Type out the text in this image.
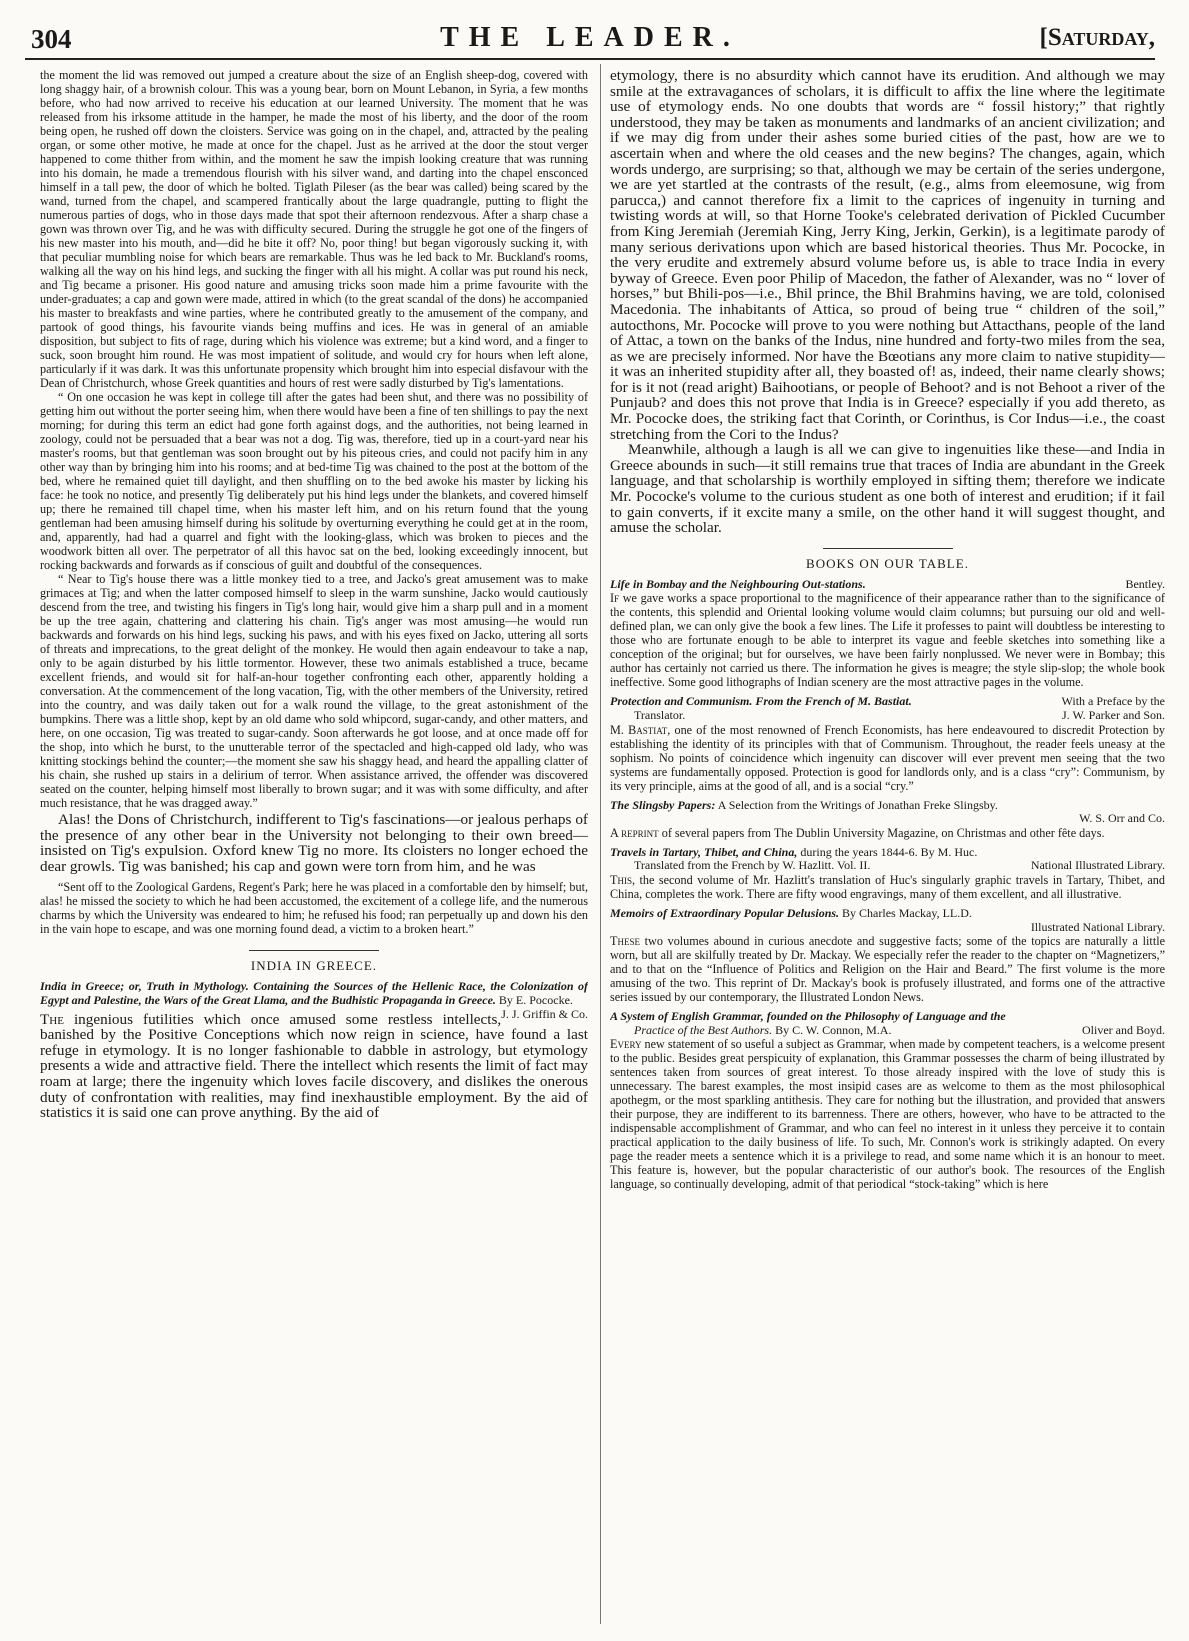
304	THE LEADER.	[Saturday,

the moment the lid was removed out jumped a creature about the size of an English sheep-dog, covered with long shaggy hair, of a brownish colour. This was a young bear, born on Mount Lebanon, in Syria, a few months before, who had now arrived to receive his education at our learned University. The moment that he was released from his irksome attitude in the hamper, he made the most of his liberty, and the door of the room being open, he rushed off down the cloisters. Service was going on in the chapel, and, attracted by the pealing organ, or some other motive, he made at once for the chapel. Just as he arrived at the door the stout verger happened to come thither from within, and the moment he saw the impish looking creature that was running into his domain, he made a tremendous flourish with his silver wand, and darting into the chapel ensconced himself in a tall pew, the door of which he bolted. Tiglath Pileser (as the bear was called) being scared by the wand, turned from the chapel, and scampered frantically about the large quadrangle, putting to flight the numerous parties of dogs, who in those days made that spot their afternoon rendezvous. After a sharp chase a gown was thrown over Tig, and he was with difficulty secured. During the struggle he got one of the fingers of his new master into his mouth, and—did he bite it off? No, poor thing! but began vigorously sucking it, with that peculiar mumbling noise for which bears are remarkable. Thus was he led back to Mr. Buckland's rooms, walking all the way on his hind legs, and sucking the finger with all his might. A collar was put round his neck, and Tig became a prisoner. His good nature and amusing tricks soon made him a prime favourite with the under-graduates; a cap and gown were made, attired in which (to the great scandal of the dons) he accompanied his master to breakfasts and wine parties, where he contributed greatly to the amusement of the company, and partook of good things, his favourite viands being muffins and ices. He was in general of an amiable disposition, but subject to fits of rage, during which his violence was extreme; but a kind word, and a finger to suck, soon brought him round. He was most impatient of solitude, and would cry for hours when left alone, particularly if it was dark. It was this unfortunate propensity which brought him into especial disfavour with the Dean of Christchurch, whose Greek quantities and hours of rest were sadly disturbed by Tig's lamentations.

“ On one occasion he was kept in college till after the gates had been shut, and there was no possibility of getting him out without the porter seeing him, when there would have been a fine of ten shillings to pay the next morning; for during this term an edict had gone forth against dogs, and the authorities, not being learned in zoology, could not be persuaded that a bear was not a dog. Tig was, therefore, tied up in a court-yard near his master's rooms, but that gentleman was soon brought out by his piteous cries, and could not pacify him in any other way than by bringing him into his rooms; and at bed-time Tig was chained to the post at the bottom of the bed, where he remained quiet till daylight, and then shuffling on to the bed awoke his master by licking his face: he took no notice, and presently Tig deliberately put his hind legs under the blankets, and covered himself up; there he remained till chapel time, when his master left him, and on his return found that the young gentleman had been amusing himself during his solitude by overturning everything he could get at in the room, and, apparently, had had a quarrel and fight with the looking-glass, which was broken to pieces and the woodwork bitten all over. The perpetrator of all this havoc sat on the bed, looking exceedingly innocent, but rocking backwards and forwards as if conscious of guilt and doubtful of the consequences.

“ Near to Tig's house there was a little monkey tied to a tree, and Jacko's great amusement was to make grimaces at Tig; and when the latter composed himself to sleep in the warm sunshine, Jacko would cautiously descend from the tree, and twisting his fingers in Tig's long hair, would give him a sharp pull and in a moment be up the tree again, chattering and clattering his chain. Tig's anger was most amusing—he would run backwards and forwards on his hind legs, sucking his paws, and with his eyes fixed on Jacko, uttering all sorts of threats and imprecations, to the great delight of the monkey. He would then again endeavour to take a nap, only to be again disturbed by his little tormentor. However, these two animals established a truce, became excellent friends, and would sit for half-an-hour together confronting each other, apparently holding a conversation. At the commencement of the long vacation, Tig, with the other members of the University, retired into the country, and was daily taken out for a walk round the village, to the great astonishment of the bumpkins. There was a little shop, kept by an old dame who sold whipcord, sugar-candy, and other matters, and here, on one occasion, Tig was treated to sugar-candy. Soon afterwards he got loose, and at once made off for the shop, into which he burst, to the unutterable terror of the spectacled and high-capped old lady, who was knitting stockings behind the counter;—the moment she saw his shaggy head, and heard the appalling clatter of his chain, she rushed up stairs in a delirium of terror. When assistance arrived, the offender was discovered seated on the counter, helping himself most liberally to brown sugar; and it was with some difficulty, and after much resistance, that he was dragged away.”

Alas! the Dons of Christchurch, indifferent to Tig's fascinations—or jealous perhaps of the presence of any other bear in the University not belonging to their own breed—insisted on Tig's expulsion. Oxford knew Tig no more. Its cloisters no longer echoed the dear growls. Tig was banished; his cap and gown were torn from him, and he was

“Sent off to the Zoological Gardens, Regent's Park; here he was placed in a comfortable den by himself; but, alas! he missed the society to which he had been accustomed, the excitement of a college life, and the numerous charms by which the University was endeared to him; he refused his food; ran perpetually up and down his den in the vain hope to escape, and was one morning found dead, a victim to a broken heart.”

INDIA IN GREECE.

India in Greece; or, Truth in Mythology. Containing the Sources of the Hellenic Race, the Colonization of Egypt and Palestine, the Wars of the Great Llama, and the Budhistic Propaganda in Greece. By E. Pococke.
J. J. Griffin & Co.

The ingenious futilities which once amused some restless intellects, banished by the Positive Conceptions which now reign in science, have found a last refuge in etymology. It is no longer fashionable to dabble in astrology, but etymology presents a wide and attractive field. There the intellect which resents the limit of fact may roam at large; there the ingenuity which loves facile discovery, and dislikes the onerous duty of confrontation with realities, may find inexhaustible employment. By the aid of statistics it is said one can prove anything. By the aid of

etymology, there is no absurdity which cannot have its erudition. And although we may smile at the extravagances of scholars, it is difficult to affix the line where the legitimate use of etymology ends. No one doubts that words are “ fossil history;” that rightly understood, they may be taken as monuments and landmarks of an ancient civilization; and if we may dig from under their ashes some buried cities of the past, how are we to ascertain when and where the old ceases and the new begins? The changes, again, which words undergo, are surprising; so that, although we may be certain of the series undergone, we are yet startled at the contrasts of the result, (e.g., alms from eleemosune, wig from parucca,) and cannot therefore fix a limit to the caprices of ingenuity in turning and twisting words at will, so that Horne Tooke's celebrated derivation of Pickled Cucumber from King Jeremiah (Jeremiah King, Jerry King, Jerkin, Gerkin), is a legitimate parody of many serious derivations upon which are based historical theories. Thus Mr. Pococke, in the very erudite and extremely absurd volume before us, is able to trace India in every byway of Greece. Even poor Philip of Macedon, the father of Alexander, was no “ lover of horses,” but Bhili-pos—i.e., Bhil prince, the Bhil Brahmins having, we are told, colonised Macedonia. The inhabitants of Attica, so proud of being true “ children of the soil,” autocthons, Mr. Pococke will prove to you were nothing but Attacthans, people of the land of Attac, a town on the banks of the Indus, nine hundred and forty-two miles from the sea, as we are precisely informed. Nor have the Bœotians any more claim to native stupidity—it was an inherited stupidity after all, they boasted of! as, indeed, their name clearly shows; for is it not (read aright) Baihootians, or people of Behoot? and is not Behoot a river of the Punjaub? and does this not prove that India is in Greece? especially if you add thereto, as Mr. Pococke does, the striking fact that Corinth, or Corinthus, is Cor Indus—i.e., the coast stretching from the Cori to the Indus?

Meanwhile, although a laugh is all we can give to ingenuities like these—and India in Greece abounds in such—it still remains true that traces of India are abundant in the Greek language, and that scholarship is worthily employed in sifting them; therefore we indicate Mr. Pococke's volume to the curious student as one both of interest and erudition; if it fail to gain converts, if it excite many a smile, on the other hand it will suggest thought, and amuse the scholar.

BOOKS ON OUR TABLE.

Life in Bombay and the Neighbouring Out-stations.	Bentley.

If we gave works a space proportional to the magnificence of their appearance rather than to the significance of the contents, this splendid and Oriental looking volume would claim columns; but pursuing our old and well-defined plan, we can only give the book a few lines. The Life it professes to paint will doubtless be interesting to those who are fortunate enough to be able to interpret its vague and feeble sketches into something like a conception of the original; but for ourselves, we have been fairly nonplussed. We never were in Bombay; this author has certainly not carried us there. The information he gives is meagre; the style slip-slop; the whole book ineffective. Some good lithographs of Indian scenery are the most attractive pages in the volume.

Protection and Communism. From the French of M. Bastiat.	With a Preface by the

Translator.	J. W. Parker and Son.

M. Bastiat, one of the most renowned of French Economists, has here endeavoured to discredit Protection by establishing the identity of its principles with that of Communism. Throughout, the reader feels uneasy at the sophism. No points of coincidence which ingenuity can discover will ever prevent men seeing that the two systems are fundamentally opposed. Protection is good for landlords only, and is a class “cry”: Communism, by its very principle, aims at the good of all, and is a social “cry.”

The Slingsby Papers: A Selection from the Writings of Jonathan Freke Slingsby.

W. S. Orr and Co.

A reprint of several papers from The Dublin University Magazine, on Christmas and other fête days.

Travels in Tartary, Thibet, and China, during the years 1844-6. By M. Huc.

Translated from the French by W. Hazlitt. Vol. II.	National Illustrated Library.

This, the second volume of Mr. Hazlitt's translation of Huc's singularly graphic travels in Tartary, Thibet, and China, completes the work. There are fifty wood engravings, many of them excellent, and all illustrative.

Memoirs of Extraordinary Popular Delusions. By Charles Mackay, LL.D.

Illustrated National Library.

These two volumes abound in curious anecdote and suggestive facts; some of the topics are naturally a little worn, but all are skilfully treated by Dr. Mackay. We especially refer the reader to the chapter on “Magnetizers,” and to that on the “Influence of Politics and Religion on the Hair and Beard.” The first volume is the more amusing of the two. This reprint of Dr. Mackay's book is profusely illustrated, and forms one of the attractive series issued by our contemporary, the Illustrated London News.

A System of English Grammar, founded on the Philosophy of Language and the

Practice of the Best Authors. By C. W. Connon, M.A.	Oliver and Boyd.

Every new statement of so useful a subject as Grammar, when made by competent teachers, is a welcome present to the public. Besides great perspicuity of explanation, this Grammar possesses the charm of being illustrated by sentences taken from sources of great interest. To those already inspired with the love of study this is unnecessary. The barest examples, the most insipid cases are as welcome to them as the most philosophical apothegm, or the most sparkling antithesis. They care for nothing but the illustration, and provided that answers their purpose, they are indifferent to its barrenness. There are others, however, who have to be attracted to the indispensable accomplishment of Grammar, and who can feel no interest in it unless they perceive it to contain practical application to the daily business of life. To such, Mr. Connon's work is strikingly adapted. On every page the reader meets a sentence which it is a privilege to read, and some name which it is an honour to meet. This feature is, however, but the popular characteristic of our author's book. The resources of the English language, so continually developing, admit of that periodical “stock-taking” which is here
